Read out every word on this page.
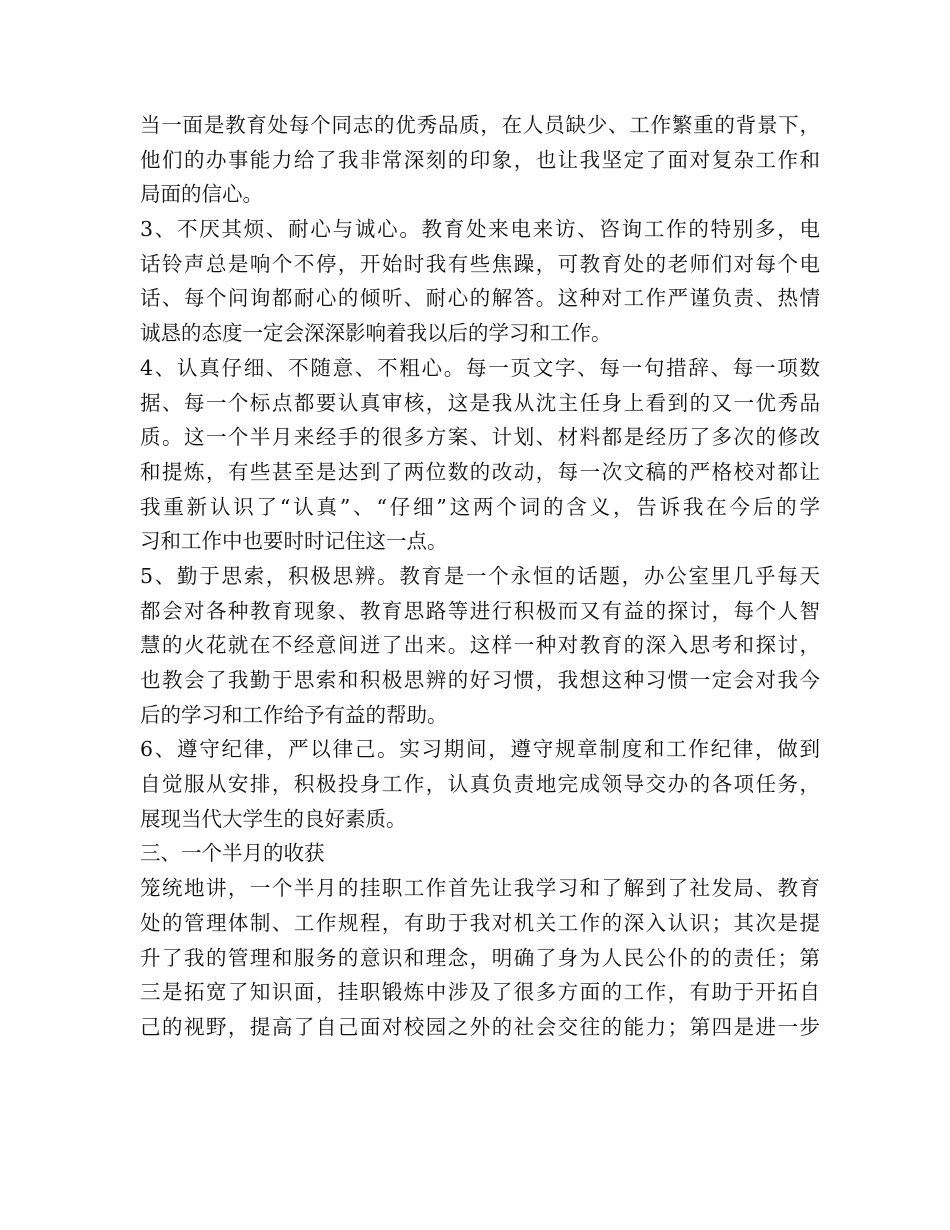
当一面是教育处每个同志的优秀品质，在人员缺少、工作繁重的背景下，
他们的办事能力给了我非常深刻的印象，也让我坚定了面对复杂工作和
局面的信心。
3、不厌其烦、耐心与诚心。教育处来电来访、咨询工作的特别多，电
话铃声总是响个不停，开始时我有些焦躁，可教育处的老师们对每个电
话、每个问询都耐心的倾听、耐心的解答。这种对工作严谨负责、热情
诚恳的态度一定会深深影响着我以后的学习和工作。
4、认真仔细、不随意、不粗心。每一页文字、每一句措辞、每一项数
据、每一个标点都要认真审核，这是我从沈主任身上看到的又一优秀品
质。这一个半月来经手的很多方案、计划、材料都是经历了多次的修改
和提炼，有些甚至是达到了两位数的改动，每一次文稿的严格校对都让
我重新认识了“认真”、“仔细”这两个词的含义，告诉我在今后的学
习和工作中也要时时记住这一点。
5、勤于思索，积极思辨。教育是一个永恒的话题，办公室里几乎每天
都会对各种教育现象、教育思路等进行积极而又有益的探讨，每个人智
慧的火花就在不经意间迸了出来。这样一种对教育的深入思考和探讨，
也教会了我勤于思索和积极思辨的好习惯，我想这种习惯一定会对我今
后的学习和工作给予有益的帮助。
6、遵守纪律，严以律己。实习期间，遵守规章制度和工作纪律，做到
自觉服从安排，积极投身工作，认真负责地完成领导交办的各项任务，
展现当代大学生的良好素质。
三、一个半月的收获
笼统地讲，一个半月的挂职工作首先让我学习和了解到了社发局、教育
处的管理体制、工作规程，有助于我对机关工作的深入认识；其次是提
升了我的管理和服务的意识和理念，明确了身为人民公仆的的责任；第
三是拓宽了知识面，挂职锻炼中涉及了很多方面的工作，有助于开拓自
己的视野，提高了自己面对校园之外的社会交往的能力；第四是进一步
